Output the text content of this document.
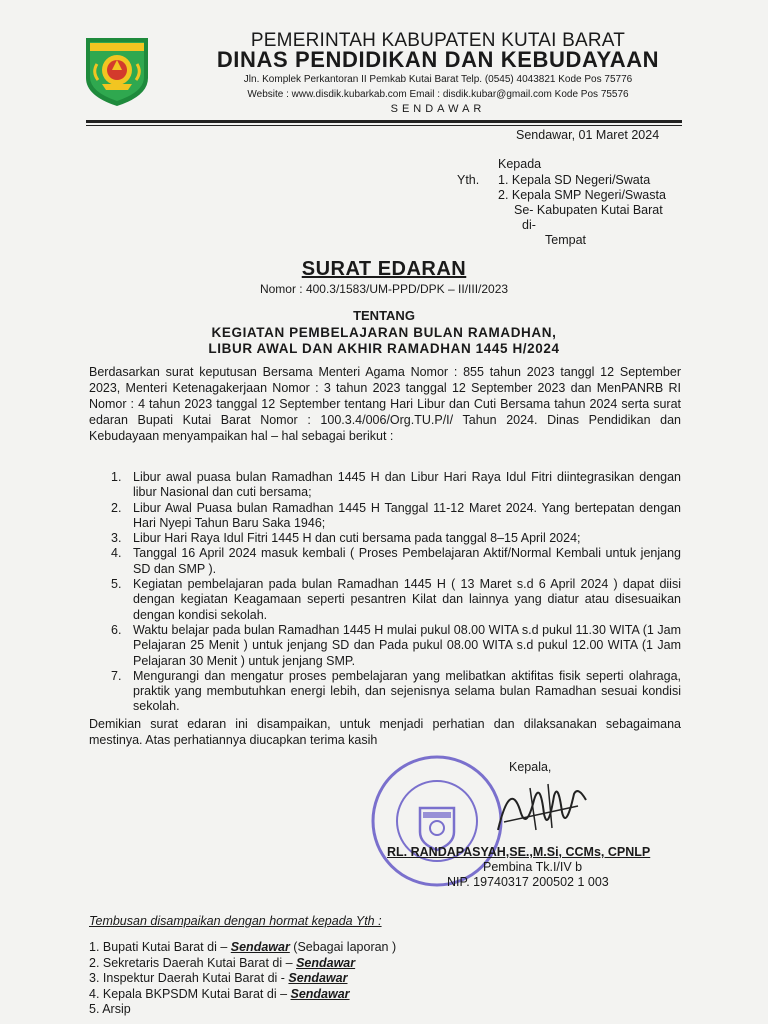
PEMERINTAH KABUPATEN KUTAI BARAT
DINAS PENDIDIKAN DAN KEBUDAYAAN
Jln. Komplek Perkantoran II Pemkab Kutai Barat Telp. (0545) 4043821 Kode Pos 75776
Website : www.disdik.kubarkab.com Email : disdik.kubar@gmail.com Kode Pos 75576
SENDAWAR
Sendawar, 01 Maret 2024
Kepada
Yth. 1. Kepala SD Negeri/Swata
2. Kepala SMP Negeri/Swasta
Se- Kabupaten Kutai Barat
di-
Tempat
SURAT EDARAN
Nomor : 400.3/1583/UM-PPD/DPK – II/III/2023
TENTANG
KEGIATAN PEMBELAJARAN BULAN RAMADHAN,
LIBUR AWAL DAN AKHIR RAMADHAN 1445 H/2024
Berdasarkan surat keputusan Bersama Menteri Agama Nomor : 855 tahun 2023 tanggl 12 September 2023, Menteri Ketenagakerjaan Nomor : 3 tahun 2023 tanggal 12 September 2023 dan MenPANRB RI Nomor : 4 tahun 2023 tanggal 12 September tentang Hari Libur dan Cuti Bersama tahun 2024 serta surat edaran Bupati Kutai Barat Nomor : 100.3.4/006/Org.TU.P/I/ Tahun 2024. Dinas Pendidikan dan Kebudayaan menyampaikan hal – hal sebagai berikut :
1. Libur awal puasa bulan Ramadhan 1445 H dan Libur Hari Raya Idul Fitri diintegrasikan dengan libur Nasional dan cuti bersama;
2. Libur Awal Puasa bulan Ramadhan 1445 H Tanggal 11-12 Maret 2024. Yang bertepatan dengan Hari Nyepi Tahun Baru Saka 1946;
3. Libur Hari Raya Idul Fitri 1445 H dan cuti bersama pada tanggal 8–15 April 2024;
4. Tanggal 16 April 2024 masuk kembali ( Proses Pembelajaran Aktif/Normal Kembali untuk jenjang SD dan SMP ).
5. Kegiatan pembelajaran pada bulan Ramadhan 1445 H ( 13 Maret s.d 6 April 2024 ) dapat diisi dengan kegiatan Keagamaan seperti pesantren Kilat dan lainnya yang diatur atau disesuaikan dengan kondisi sekolah.
6. Waktu belajar pada bulan Ramadhan 1445 H mulai pukul 08.00 WITA s.d pukul 11.30 WITA (1 Jam Pelajaran 25 Menit ) untuk jenjang SD dan Pada pukul 08.00 WITA s.d pukul 12.00 WITA (1 Jam Pelajaran 30 Menit ) untuk jenjang SMP.
7. Mengurangi dan mengatur proses pembelajaran yang melibatkan aktifitas fisik seperti olahraga, praktik yang membutuhkan energi lebih, dan sejenisnya selama bulan Ramadhan sesuai kondisi sekolah.
Demikian surat edaran ini disampaikan, untuk menjadi perhatian dan dilaksanakan sebagaimana mestinya. Atas perhatiannya diucapkan terima kasih
Kepala,
RL. RANDAPASYAH,SE.,M.Si, CCMs, CPNLP
Pembina Tk.I/IV b
NIP. 19740317 200502 1 003
Tembusan disampaikan dengan hormat kepada Yth :
1. Bupati Kutai Barat di – Sendawar (Sebagai laporan )
2. Sekretaris Daerah Kutai Barat di – Sendawar
3. Inspektur Daerah Kutai Barat di - Sendawar
4. Kepala BKPSDM Kutai Barat di – Sendawar
5. Arsip
